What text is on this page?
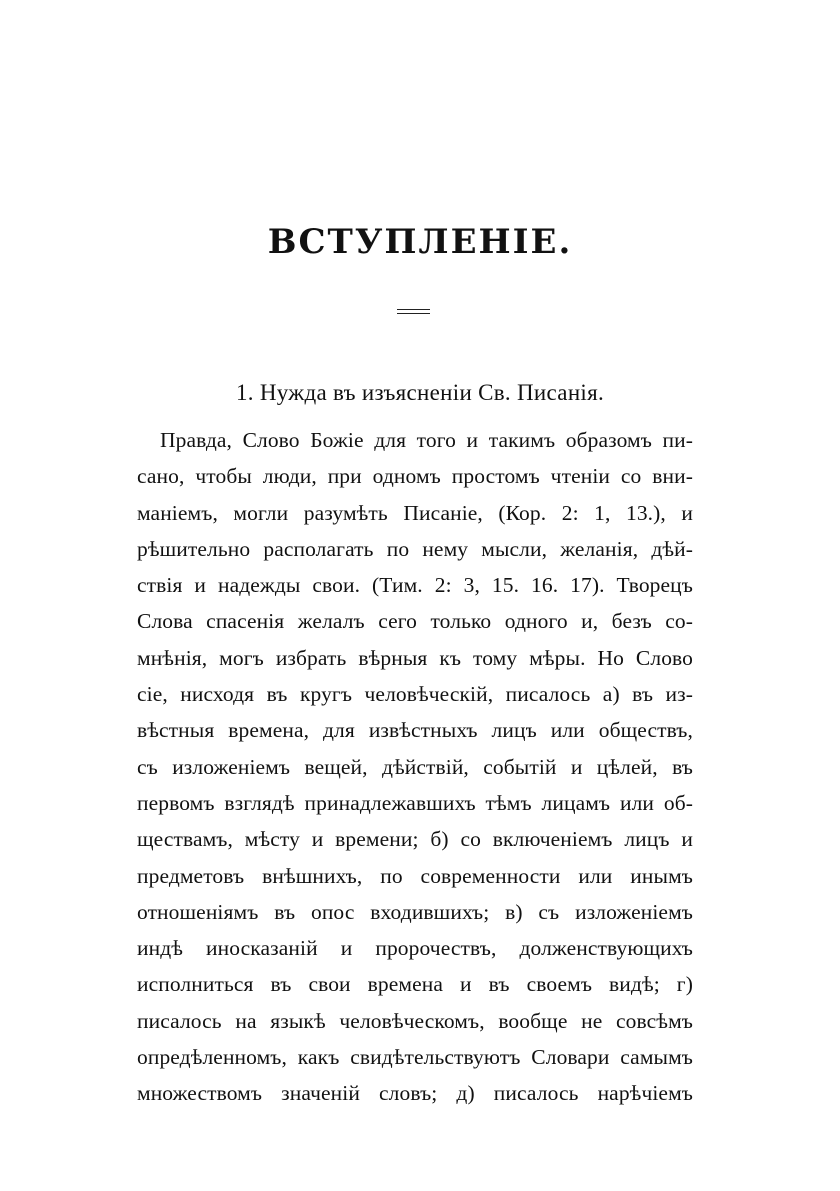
ВСТУПЛЕНІЕ.
1. Нужда въ изъясненіи Св. Писанія.
Правда, Слово Божіе для того и такимъ образомъ пи-
сано, чтобы люди, при одномъ простомъ чтеніи со вни-
маніемъ, могли разумѣть Писаніе, (Кор. 2: 1, 13.), и
рѣшительно располагать по нему мысли, желанія, дѣй-
ствія и надежды свои. (Тим. 2: 3, 15. 16. 17). Творецъ
Слова спасенія желалъ сего только одного и, безъ со-
мнѣнія, могъ избрать вѣрныя къ тому мѣры. Но Слово
сіе, нисходя въ кругъ человѣческій, писалось а) въ из-
вѣстныя времена, для извѣстныхъ лицъ или обществъ,
съ изложеніемъ вещей, дѣйствій, событій и цѣлей, въ
первомъ взглядѣ принадлежавшихъ тѣмъ лицамъ или об-
ществамъ, мѣсту и времени; б) со включеніемъ лицъ и
предметовъ внѣшнихъ, по современности или инымъ
отношеніямъ въ опос входившихъ; в) съ изложеніемъ
индѣ иносказаній и пророчествъ, долженствующихъ
исполниться въ свои времена и въ своемъ видѣ; г)
писалось на языкѣ человѣческомъ, вообще не совсѣмъ
опредѣленномъ, какъ свидѣтельствуютъ Словари самымъ
множествомъ значеній словъ; д) писалось нарѣчіемъ
